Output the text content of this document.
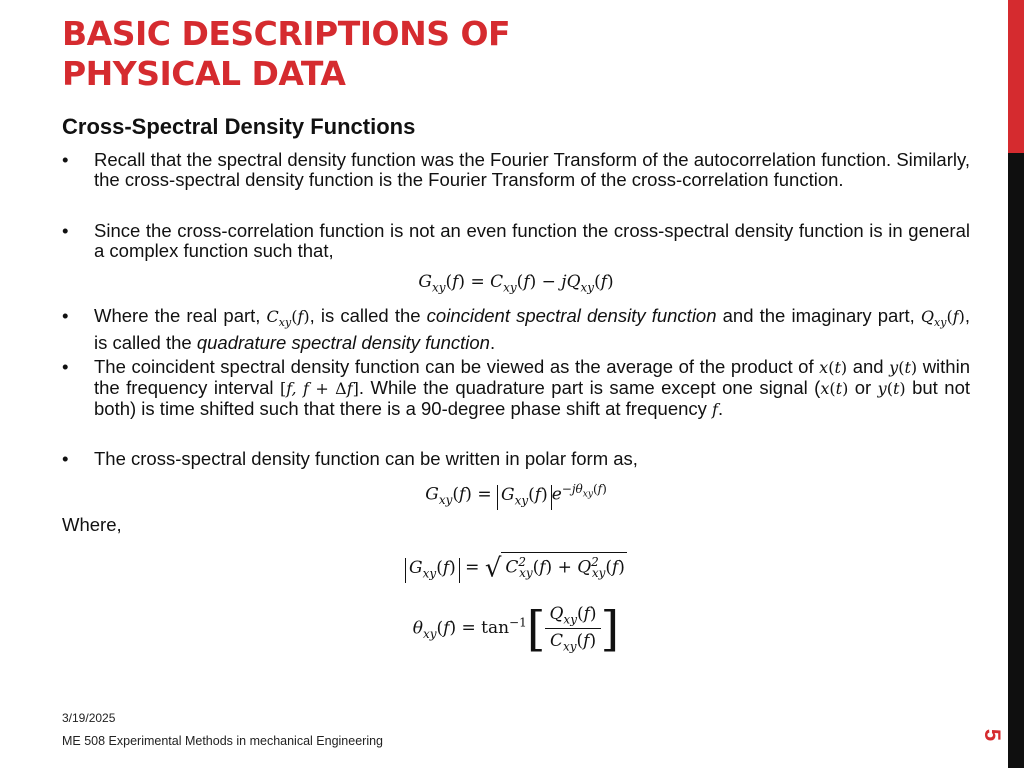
BASIC DESCRIPTIONS OF
PHYSICAL DATA
Cross-Spectral Density Functions
• Recall that the spectral density function was the Fourier Transform of the autocorrelation function. Similarly, the cross-spectral density function is the Fourier Transform of the cross-correlation function.
• Since the cross-correlation function is not an even function the cross-spectral density function is in general a complex function such that,
$G_{xy}(f) = C_{xy}(f) - jQ_{xy}(f)$
• Where the real part, $C_{xy}(f)$, is called the coincident spectral density function and the imaginary part, $Q_{xy}(f)$, is called the quadrature spectral density function.
• The coincident spectral density function can be viewed as the average of the product of x(t) and y(t) within the frequency interval [f, f + Δf]. While the quadrature part is same except one signal (x(t) or y(t) but not both) is time shifted such that there is a 90-degree phase shift at frequency f.
• The cross-spectral density function can be written in polar form as,
$G_{xy}(f) = G_{xy}(f)$ $e^{-j\theta_{xy}(f)}$

Where,

$G_{xy}(f)$ = √ $C^2_{xy}(f) + Q^2_{xy}(f)$
$\theta_{xy}(f) = \tan^{-1}[ \frac{Q_{xy}(f)}{C_{xy}(f)}$ ]
3/19/2025
ME 508 Experimental Methods in mechanical Engineering	5
